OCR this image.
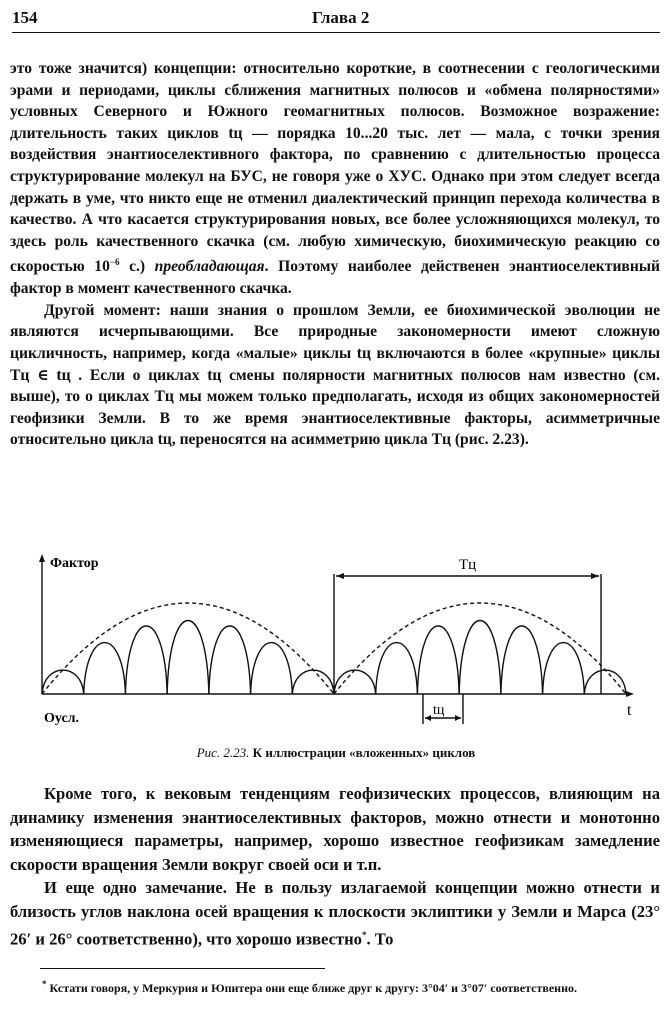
154	Глава 2

это тоже значится) концепции: относительно короткие, в соотнесении с геологическими эрами и периодами, циклы сближения магнитных полюсов и «обмена полярностями» условных Северного и Южного геомагнитных полюсов. Возможное возражение: длительность таких циклов tц — порядка 10...20 тыс. лет — мала, с точки зрения воздействия энантиоселективного фактора, по сравнению с длительностью процесса структурирование молекул на БУС, не говоря уже о ХУС. Однако при этом следует всегда держать в уме, что никто еще не отменил диалектический принцип перехода количества в качество. А что касается структурирования новых, все более усложняющихся молекул, то здесь роль качественного скачка (см. любую химическую, биохимическую реакцию со скоростью $10^{-6}$ с.) преобладающая. Поэтому наиболее действенен энантиоселективный фактор в момент качественного скачка.

Другой момент: наши знания о прошлом Земли, ее биохимической эволюции не являются исчерпывающими. Все природные закономерности имеют сложную цикличность, например, когда «малые» циклы tц включаются в более «крупные» циклы Tц ∈ tц . Если о циклах tц смены полярности магнитных полюсов нам известно (см. выше), то о циклах Tц мы можем только предполагать, исходя из общих закономерностей геофизики Земли. В то же время энантиоселективные факторы, асимметричные относительно цикла tц, переносятся на асимметрию цикла Tц (рис. 2.23).

Фактор
t
Oусл.
Tц
tц
Рис. 2.23. К иллюстрации «вложенных» циклов

Кроме того, к вековым тенденциям геофизических процессов, влияющим на динамику изменения энантиоселективных факторов, можно отнести и монотонно изменяющиеся параметры, например, хорошо известное геофизикам замедление скорости вращения Земли вокруг своей оси и т.п.

И еще одно замечание. Не в пользу излагаемой концепции можно отнести и близость углов наклона осей вращения к плоскости эклиптики у Земли и Марса (23° 26′ и 26° соответственно), что хорошо известно*. То

* Кстати говоря, у Меркурия и Юпитера они еще ближе друг к другу: 3°04′ и 3°07′ соответственно.
